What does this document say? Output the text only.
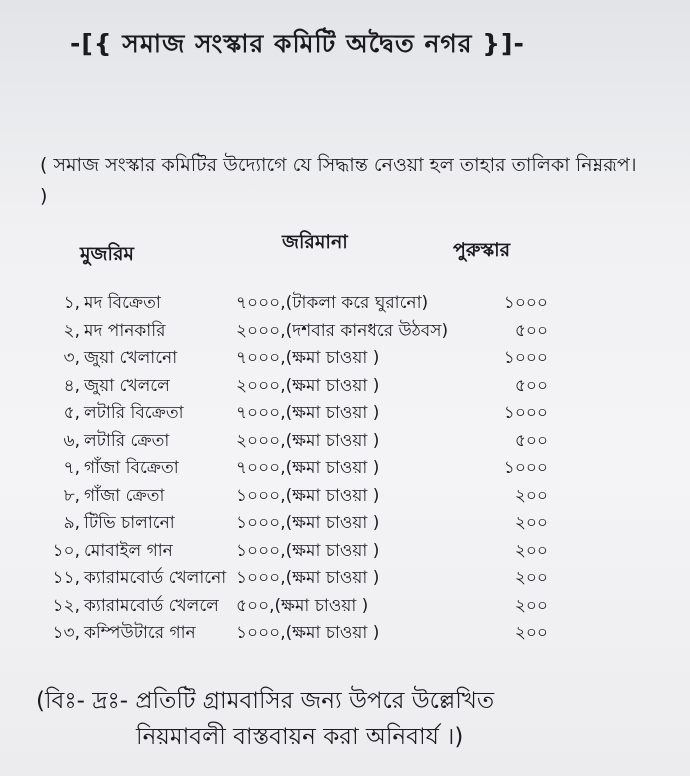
-[{ সমাজ সংস্কার কমিটি অদ্বৈত নগর }]-
( সমাজ সংস্কার কমিটির উদ্যোগে যে সিদ্ধান্ত নেওয়া হল তাহার তালিকা নিম্নরূপ। )
মুজরিম
জরিমানা	পুরুস্কার
১, মদ বিক্রেতা	৭০০০,(টাকলা করে ঘুরানো)	১০০০
২, মদ পানকারি	২০০০,(দশবার কানধরে উঠবস)	৫০০
৩, জুয়া খেলানো	৭০০০,(ক্ষমা চাওয়া )	১০০০
৪, জুয়া খেললে	২০০০,(ক্ষমা চাওয়া )	৫০০
৫, লটারি বিক্রেতা	৭০০০,(ক্ষমা চাওয়া )	১০০০
৬, লটারি ক্রেতা	২০০০,(ক্ষমা চাওয়া )	৫০০
৭, গাঁজা বিক্রেতা	৭০০০,(ক্ষমা চাওয়া )	১০০০
৮, গাঁজা ক্রেতা	১০০০,(ক্ষমা চাওয়া )	২০০
৯, টিভি চালানো	১০০০,(ক্ষমা চাওয়া )	২০০
১০, মোবাইল গান	১০০০,(ক্ষমা চাওয়া )	২০০
১১, ক্যারামবোর্ড খেলানো ১০০০,(ক্ষমা চাওয়া )	২০০
১২, ক্যারামবোর্ড খেললে ৫০০,(ক্ষমা চাওয়া )	২০০
১৩, কম্পিউটারে গান ১০০০,(ক্ষমা চাওয়া )	২০০
(বিঃ- দ্রঃ- প্রতিটি গ্রামবাসির জন্য উপরে উল্লেখিত
নিয়মাবলী বাস্তবায়ন করা অনিবার্য ।)
